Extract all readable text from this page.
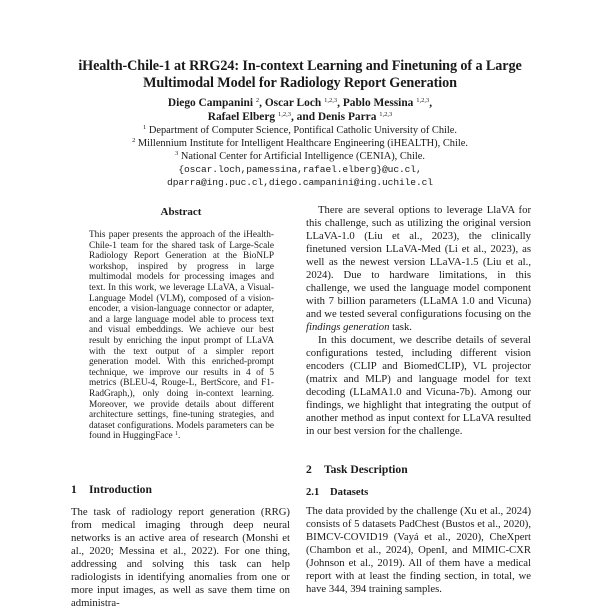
iHealth-Chile-1 at RRG24: In-context Learning and Finetuning of a Large Multimodal Model for Radiology Report Generation
Diego Campanini $^2$, Oscar Loch $^{1,2,3}$, Pablo Messina $^{1,2,3}$,
Rafael Elberg $^{1,2,3}$, and Denis Parra $^{1,2,3}$
$^1$ Department of Computer Science, Pontifical Catholic University of Chile.
$^2$ Millennium Institute for Intelligent Healthcare Engineering (iHEALTH), Chile.
$^3$ National Center for Artificial Intelligence (CENIA), Chile.
{oscar.loch,pamessina,rafael.elberg}@uc.cl,
dparra@ing.puc.cl,diego.campanini@ing.uchile.cl
Abstract
This paper presents the approach of the iHealth-Chile-1 team for the shared task of Large-Scale Radiology Report Generation at the BioNLP workshop, inspired by progress in large multimodal models for processing images and text. In this work, we leverage LLaVA, a Visual-Language Model (VLM), composed of a vision-encoder, a vision-language connector or adapter, and a large language model able to process text and visual embeddings. We achieve our best result by enriching the input prompt of LLaVA with the text output of a simpler report generation model. With this enriched-prompt technique, we improve our results in 4 of 5 metrics (BLEU-4, Rouge-L, BertScore, and F1-RadGraph,), only doing in-context learning. Moreover, we provide details about different architecture settings, fine-tuning strategies, and dataset configurations. Models parameters can be found in HuggingFace $^1$.
1 Introduction

The task of radiology report generation (RRG) from medical imaging through deep neural networks is an active area of research (Monshi et al., 2020; Messina et al., 2022). For one thing, addressing and solving this task can help radiologists in identifying anomalies from one or more input images, as well as save them time on administra-

There are several options to leverage LlaVA for this challenge, such as utilizing the original version LLaVA-1.0 (Liu et al., 2023), the clinically finetuned version LLaVA-Med (Li et al., 2023), as well as the newest version LLaVA-1.5 (Liu et al., 2024). Due to hardware limitations, in this challenge, we used the language model component with 7 billion parameters (LLaMA 1.0 and Vicuna) and we tested several configurations focusing on the findings generation task.

In this document, we describe details of several configurations tested, including different vision encoders (CLIP and BiomedCLIP), VL projector (matrix and MLP) and language model for text decoding (LLaMA1.0 and Vicuna-7b). Among our findings, we highlight that integrating the output of another method as input context for LLaVA resulted in our best version for the challenge.

2 Task Description
2.1 Datasets

The data provided by the challenge (Xu et al., 2024) consists of 5 datasets PadChest (Bustos et al., 2020), BIMCV-COVID19 (Vayá et al., 2020), CheXpert (Chambon et al., 2024), OpenI, and MIMIC-CXR (Johnson et al., 2019). All of them have a medical report with at least the finding section, in total, we have 344, 394 training samples.
